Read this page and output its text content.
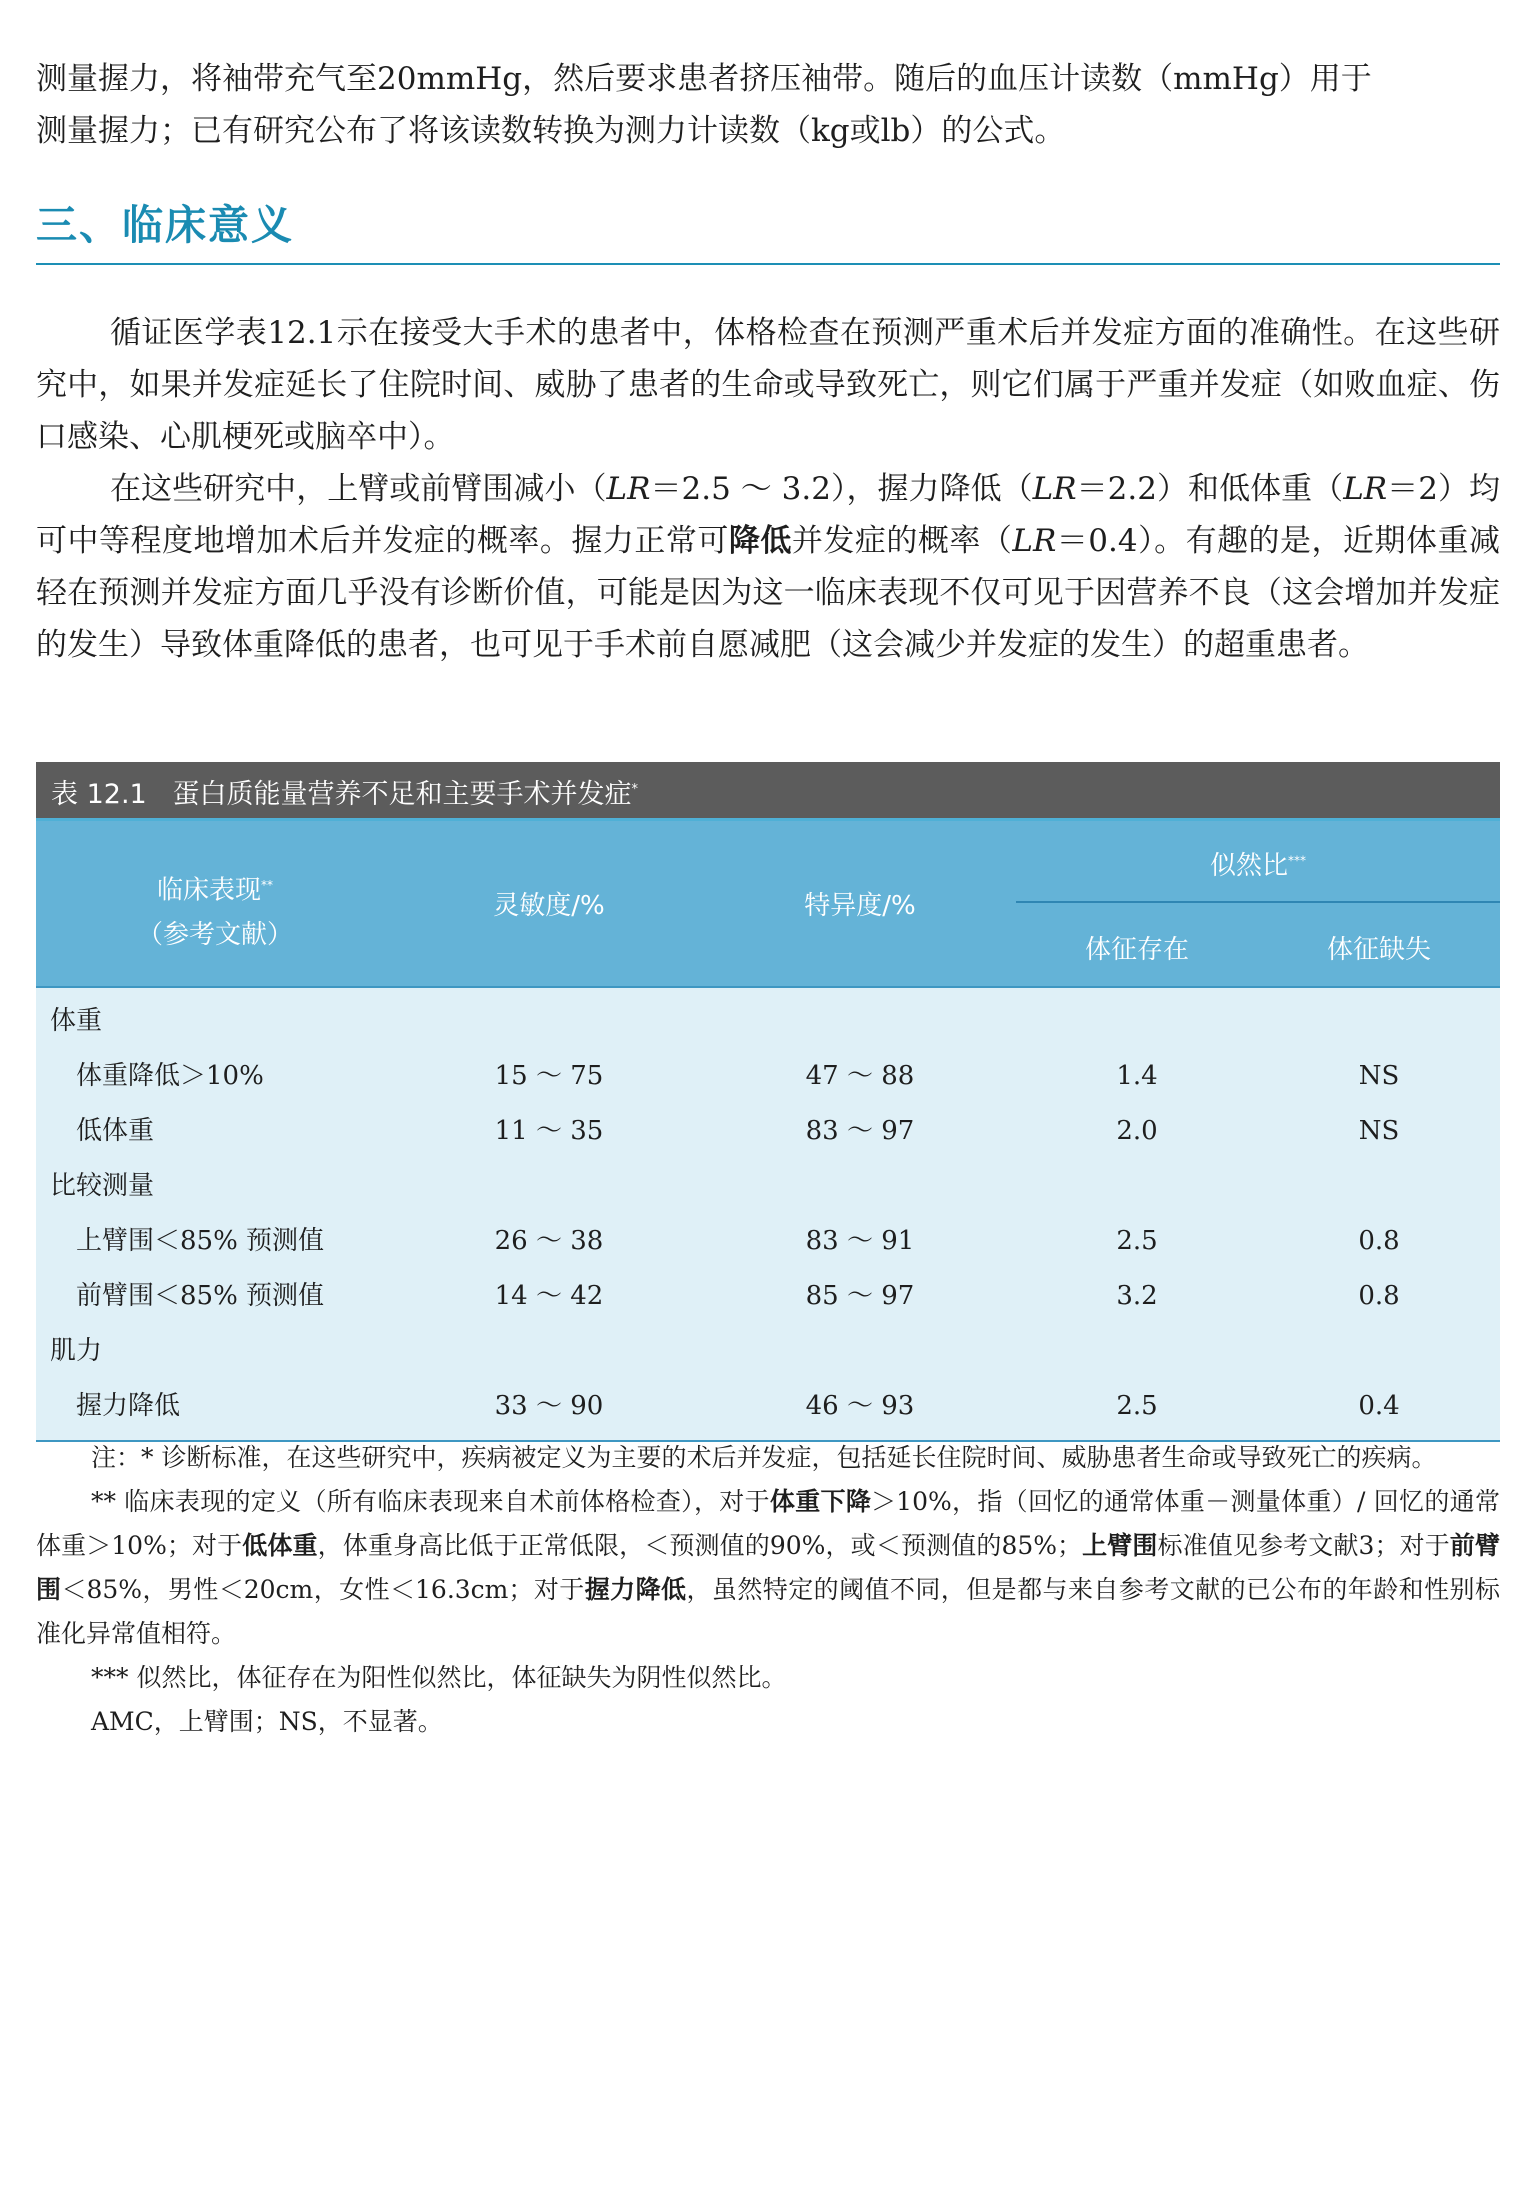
测量握力，将袖带充气至20mmHg，然后要求患者挤压袖带。随后的血压计读数（mmHg）用于
测量握力；已有研究公布了将该读数转换为测力计读数（kg或lb）的公式。

三、临床意义

循证医学表12.1示在接受大手术的患者中，体格检查在预测严重术后并发症方面的准确性。在这些研究中，如果并发症延长了住院时间、威胁了患者的生命或导致死亡，则它们属于严重并发症（如败血症、伤口感染、心肌梗死或脑卒中）。

在这些研究中，上臂或前臂围减小（LR＝2.5 ～ 3.2），握力降低（LR＝2.2）和低体重（LR＝2）均可中等程度地增加术后并发症的概率。握力正常可降低并发症的概率（LR＝0.4）。有趣的是，近期体重减轻在预测并发症方面几乎没有诊断价值，可能是因为这一临床表现不仅可见于因营养不良（这会增加并发症的发生）导致体重降低的患者，也可见于手术前自愿减肥（这会减少并发症的发生）的超重患者。

表 12.1 蛋白质能量营养不足和主要手术并发症*
临床表现**
（参考文献）
灵敏度/%	特异度/%
似然比***
体征存在	体征缺失
体重
体重降低＞10%	15 ～ 75	47 ～ 88	1.4	NS
低体重	11 ～ 35	83 ～ 97	2.0	NS
比较测量
上臂围＜85% 预测值	26 ～ 38	83 ～ 91	2.5	0.8
前臂围＜85% 预测值	14 ～ 42	85 ～ 97	3.2	0.8
肌力
握力降低	33 ～ 90	46 ～ 93	2.5	0.4

注：* 诊断标准，在这些研究中，疾病被定义为主要的术后并发症，包括延长住院时间、威胁患者生命或导致死亡的疾病。

** 临床表现的定义（所有临床表现来自术前体格检查），对于体重下降＞10%，指（回忆的通常体重－测量体重）/ 回忆的通常体重＞10%；对于低体重，体重身高比低于正常低限，＜预测值的90%，或＜预测值的85%；上臂围标准值见参考文献3；对于前臂围＜85%，男性＜20cm，女性＜16.3cm；对于握力降低，虽然特定的阈值不同，但是都与来自参考文献的已公布的年龄和性别标准化异常值相符。

*** 似然比，体征存在为阳性似然比，体征缺失为阴性似然比。

AMC，上臂围；NS，不显著。
